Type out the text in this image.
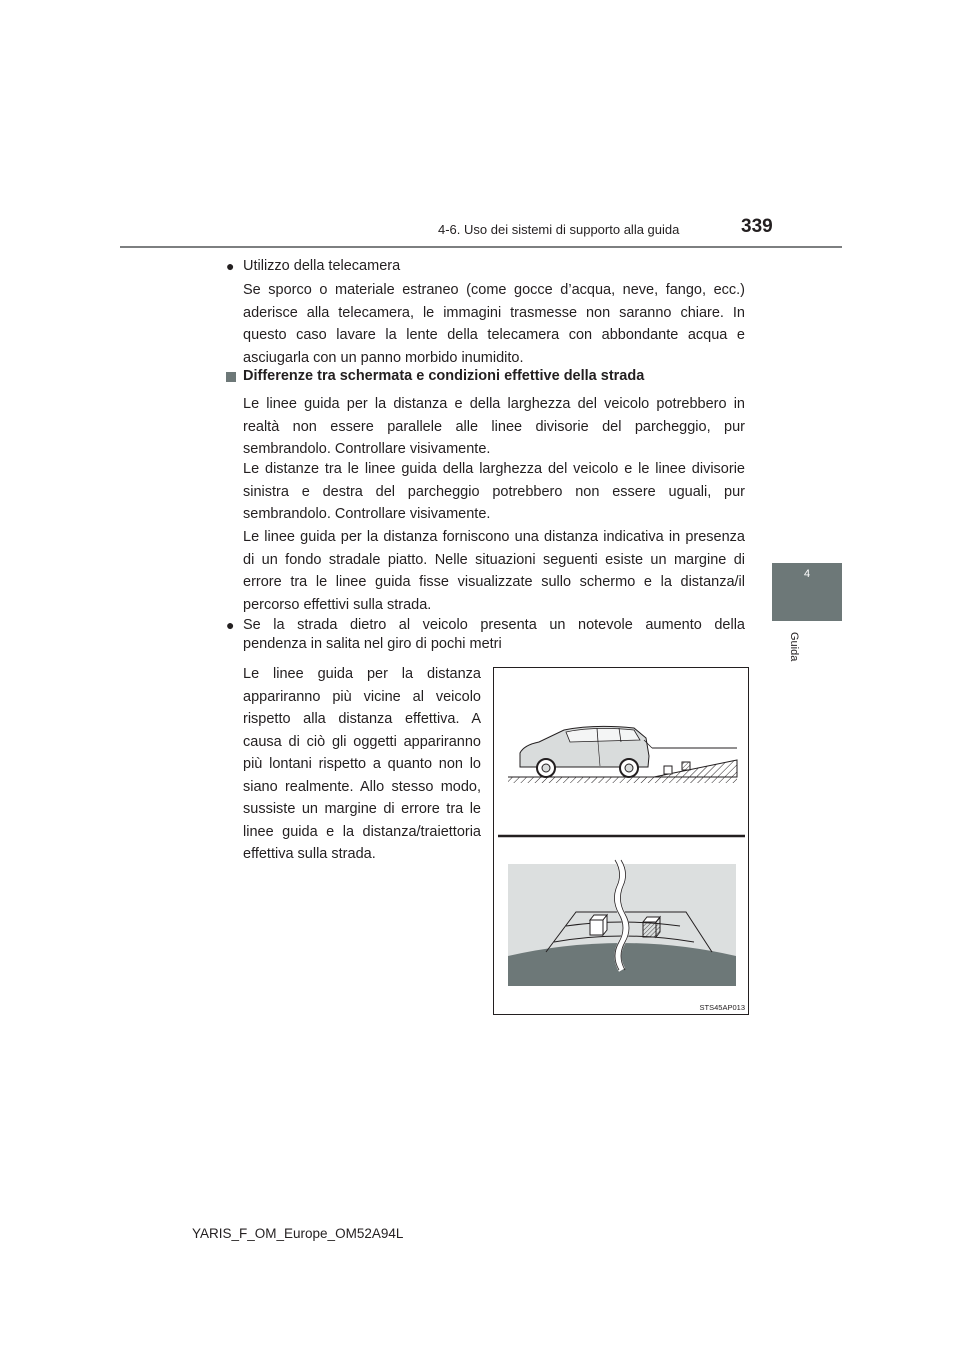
4-6. Uso dei sistemi di supporto alla guida	339
4
Guida
● Utilizzo della telecamera
Se sporco o materiale estraneo (come gocce d’acqua, neve, fango, ecc.) aderisce alla telecamera, le immagini trasmesse non saranno chiare. In questo caso lavare la lente della telecamera con abbondante acqua e asciugarla con un panno morbido inumidito.
Differenze tra schermata e condizioni effettive della strada
Le linee guida per la distanza e della larghezza del veicolo potrebbero in realtà non essere parallele alle linee divisorie del parcheggio, pur sembrandolo. Controllare visivamente.
Le distanze tra le linee guida della larghezza del veicolo e le linee divisorie sinistra e destra del parcheggio potrebbero non essere uguali, pur sembrandolo. Controllare visivamente.
Le linee guida per la distanza forniscono una distanza indicativa in presenza di un fondo stradale piatto. Nelle situazioni seguenti esiste un margine di errore tra le linee guida fisse visualizzate sullo schermo e la distanza/il percorso effettivi sulla strada.
● Se la strada dietro al veicolo presenta un notevole aumento della
pendenza in salita nel giro di pochi metri
Le linee guida per la distanza appariranno più vicine al veicolo rispetto alla distanza effettiva. A causa di ciò gli oggetti appariranno più lontani rispetto a quanto non lo siano realmente. Allo stesso modo, sussiste un margine di errore tra le linee guida e la distanza/traiettoria effettiva sulla strada.
STS45AP013
YARIS_F_OM_Europe_OM52A94L
